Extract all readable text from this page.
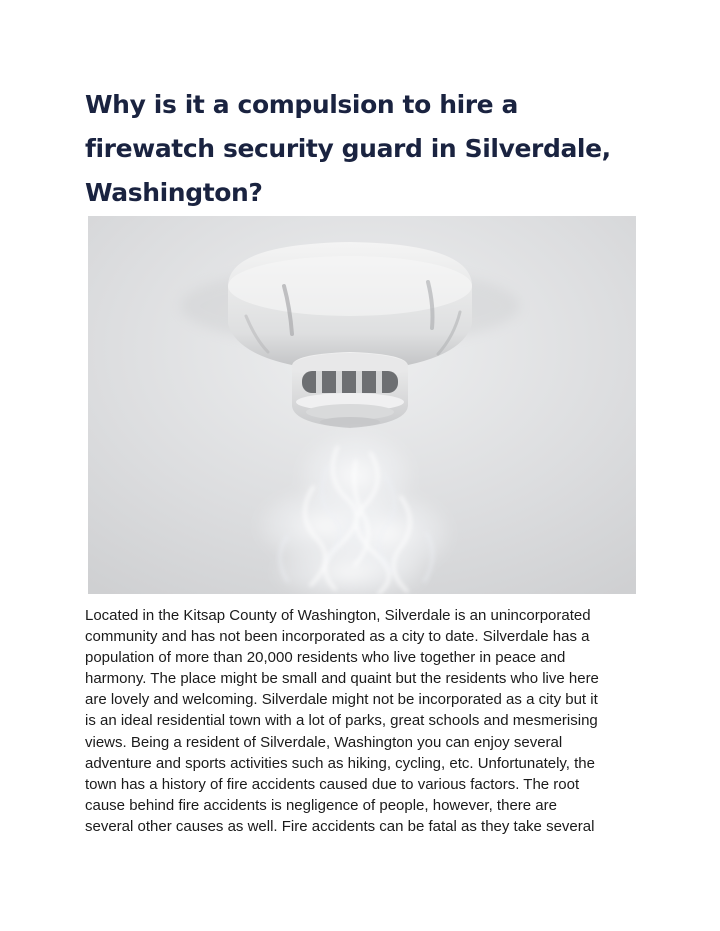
Why is it a compulsion to hire a
firewatch security guard in Silverdale,
Washington?

Located in the Kitsap County of Washington, Silverdale is an unincorporated
community and has not been incorporated as a city to date. Silverdale has a
population of more than 20,000 residents who live together in peace and
harmony. The place might be small and quaint but the residents who live here
are lovely and welcoming. Silverdale might not be incorporated as a city but it
is an ideal residential town with a lot of parks, great schools and mesmerising
views. Being a resident of Silverdale, Washington you can enjoy several
adventure and sports activities such as hiking, cycling, etc. Unfortunately, the
town has a history of fire accidents caused due to various factors. The root
cause behind fire accidents is negligence of people, however, there are
several other causes as well. Fire accidents can be fatal as they take several
